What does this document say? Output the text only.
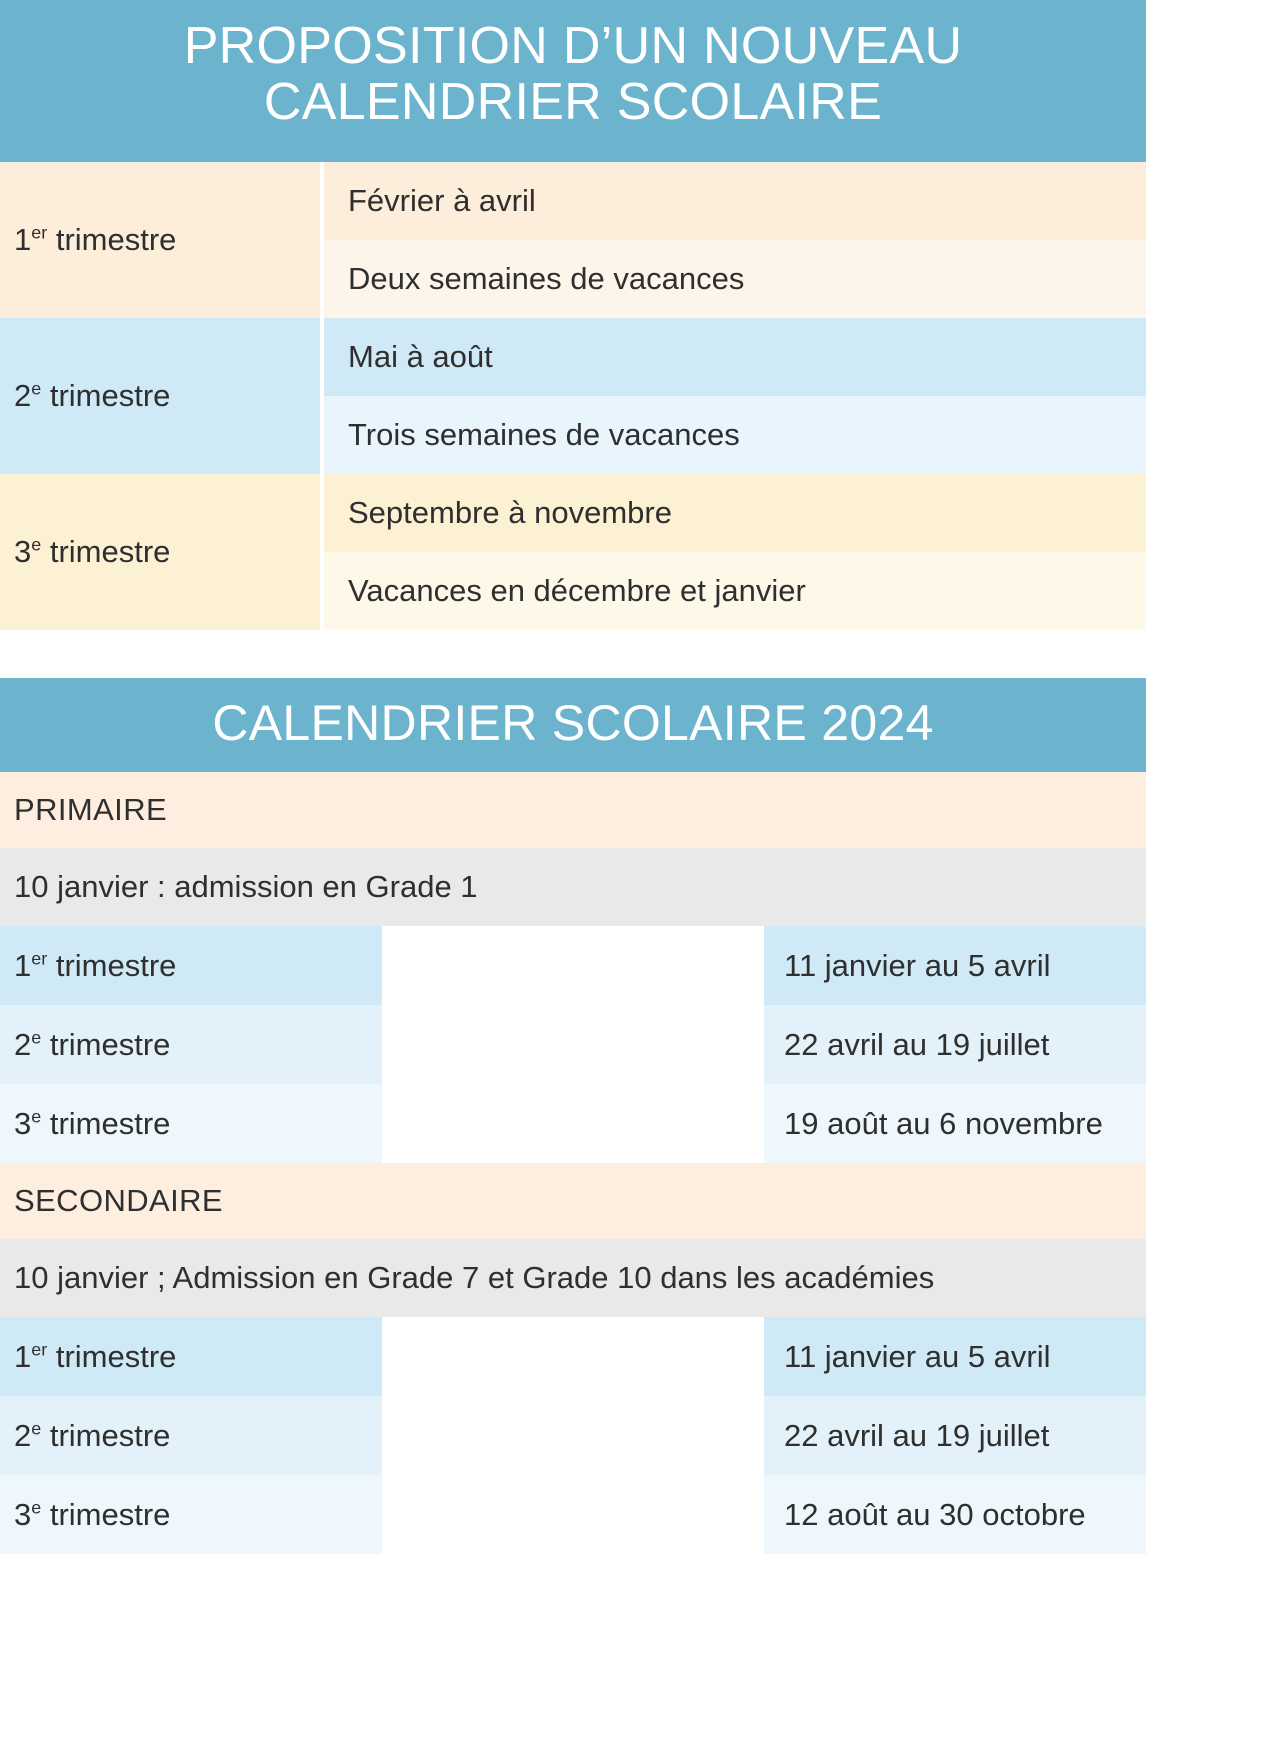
PROPOSITION D’UN NOUVEAU
CALENDRIER SCOLAIRE
1er trimestre		Février à avril
		Deux semaines de vacances
2e trimestre		Mai à août
		Trois semaines de vacances
3e trimestre		Septembre à novembre
		Vacances en décembre et janvier
CALENDRIER SCOLAIRE 2024
PRIMAIRE		
10 janvier : admission en Grade 1		
1er trimestre		11 janvier au 5 avril
2e trimestre		22 avril au 19 juillet
3e trimestre		19 août au 6 novembre
SECONDAIRE		
10 janvier ; Admission en Grade 7 et Grade 10 dans les académies		
1er trimestre		11 janvier au 5 avril
2e trimestre		22 avril au 19 juillet
3e trimestre		12 août au 30 octobre
